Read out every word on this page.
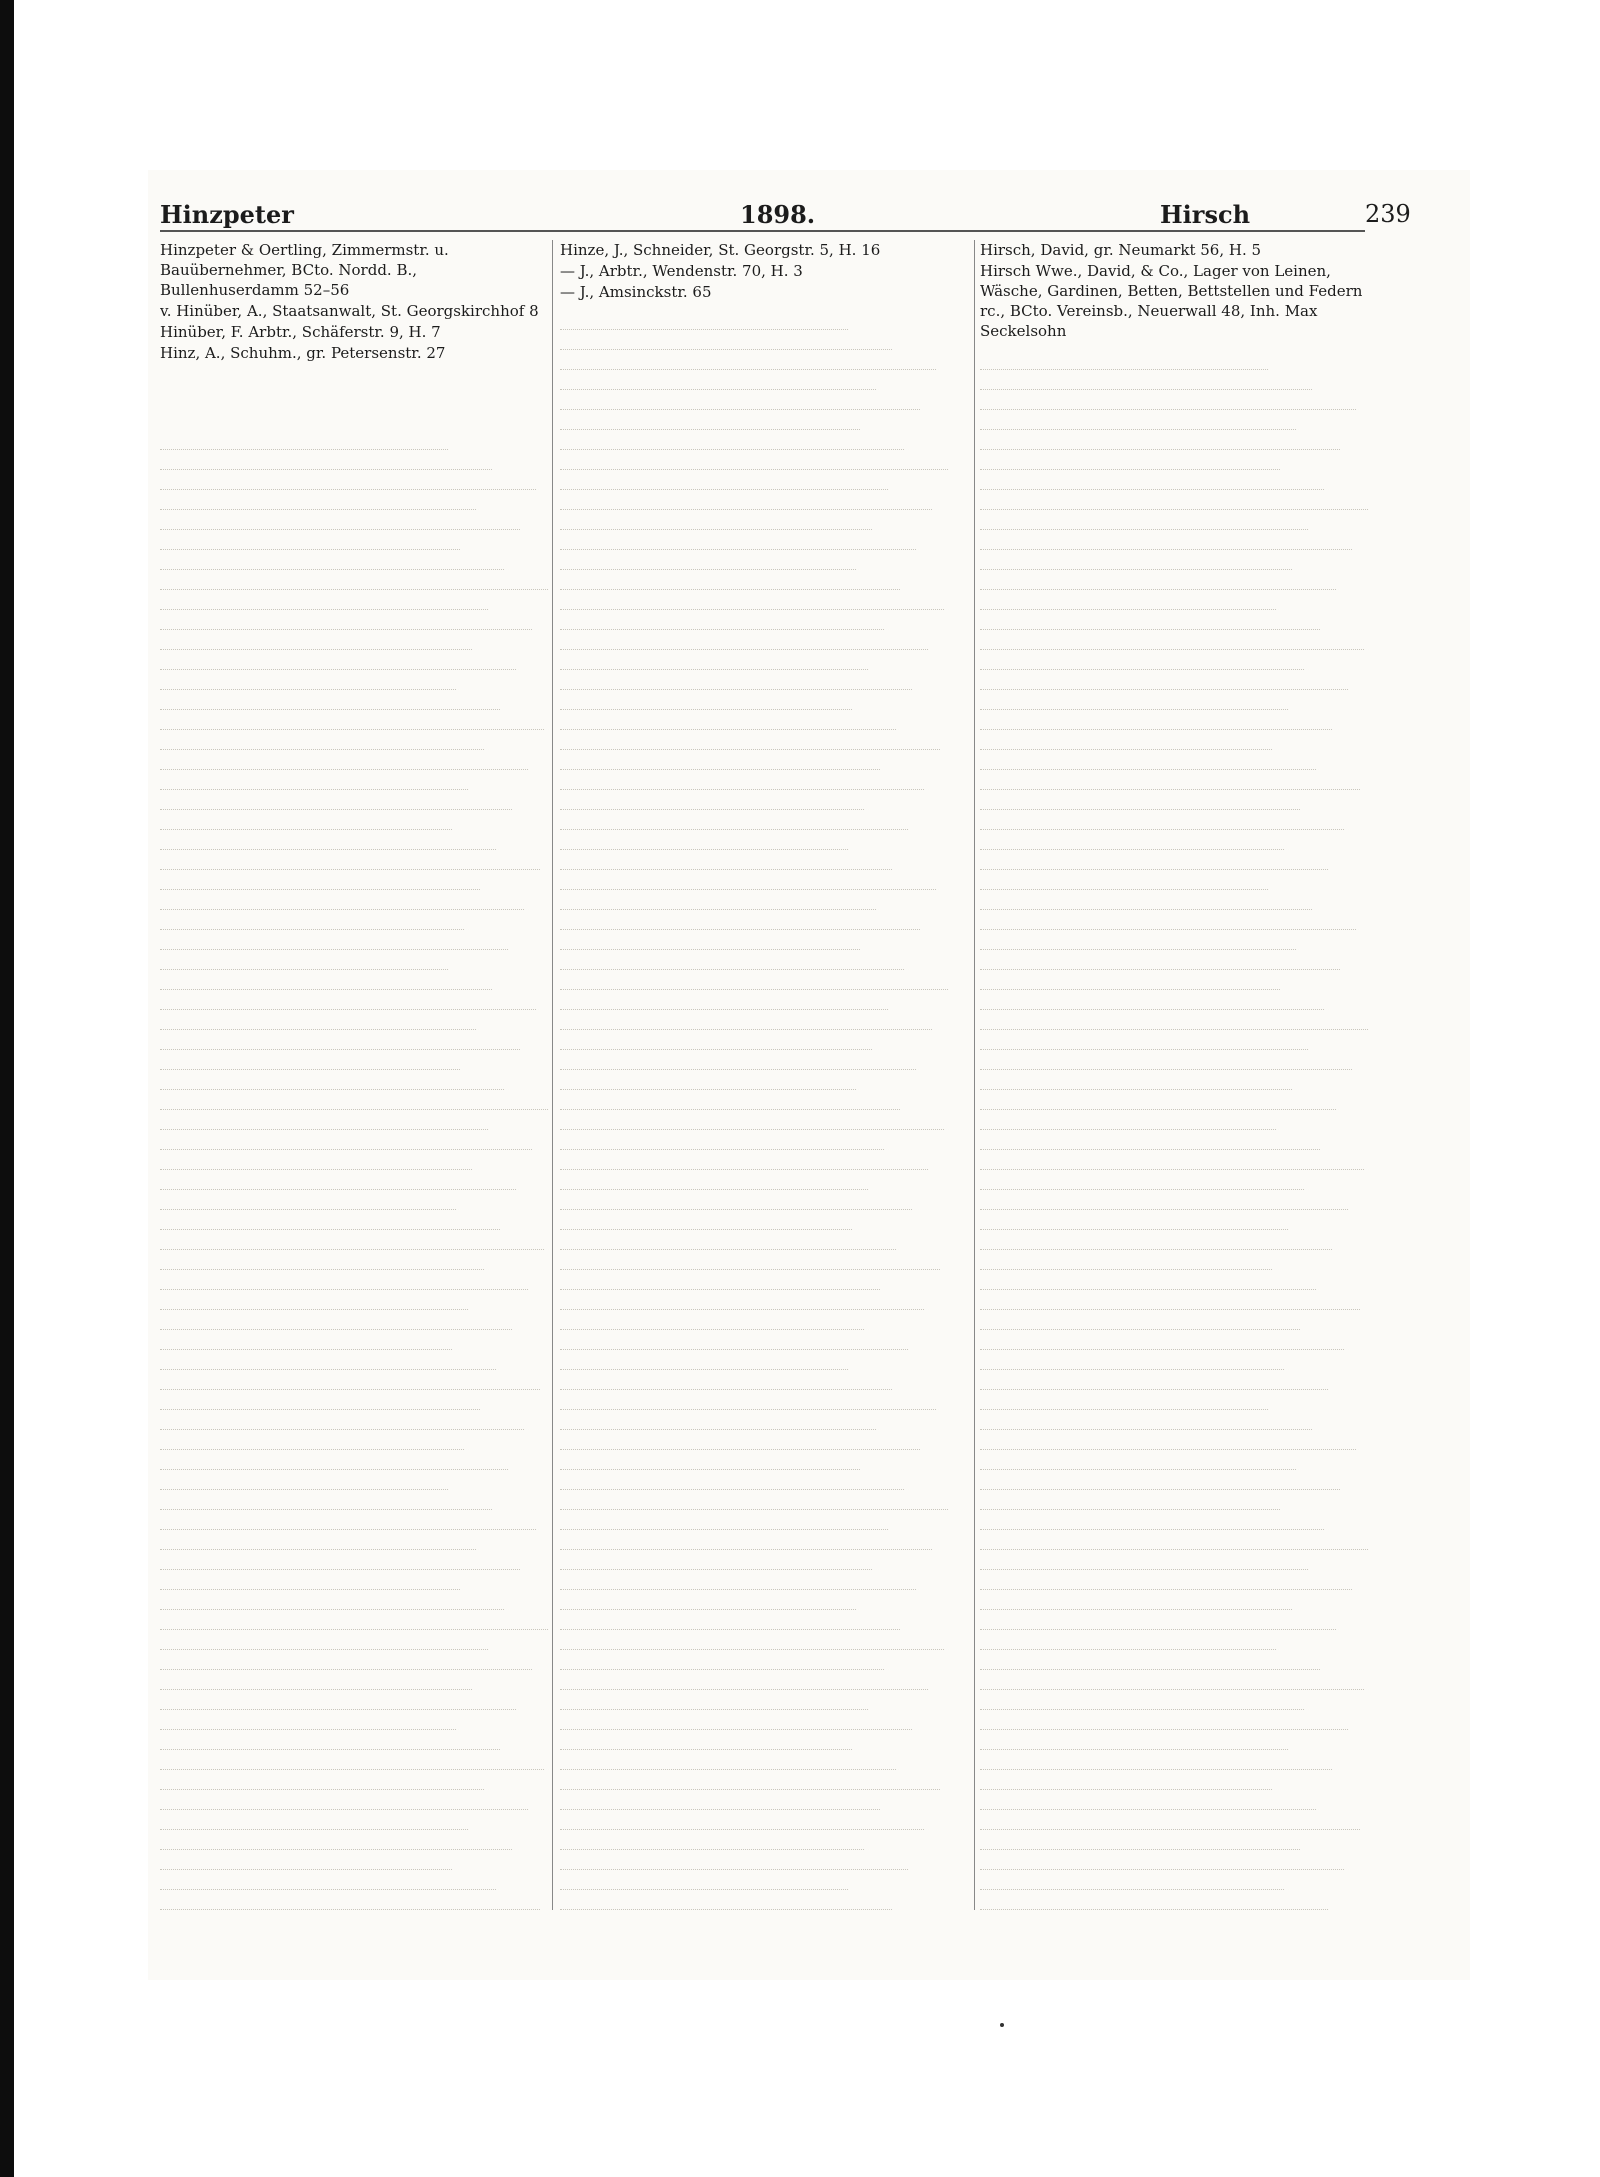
Hinzpeter	1898.	Hirsch	239

Hinzpeter & Oertling, Zimmermstr. u. Bauübernehmer, BCto. Nordd. B., Bullenhuserdamm 52–56

v. Hinüber, A., Staatsanwalt, St. Georgskirchhof 8

Hinüber, F. Arbtr., Schäferstr. 9, H. 7

Hinz, A., Schuhm., gr. Petersenstr. 27

Hinze, J., Schneider, St. Georgstr. 5, H. 16

— J., Arbtr., Wendenstr. 70, H. 3

— J., Amsinckstr. 65

Hirsch, David, gr. Neumarkt 56, H. 5

Hirsch Wwe., David, & Co., Lager von Leinen, Wäsche, Gardinen, Betten, Bettstellen und Federn rc., BCto. Vereinsb., Neuerwall 48, Inh. Max Seckelsohn
